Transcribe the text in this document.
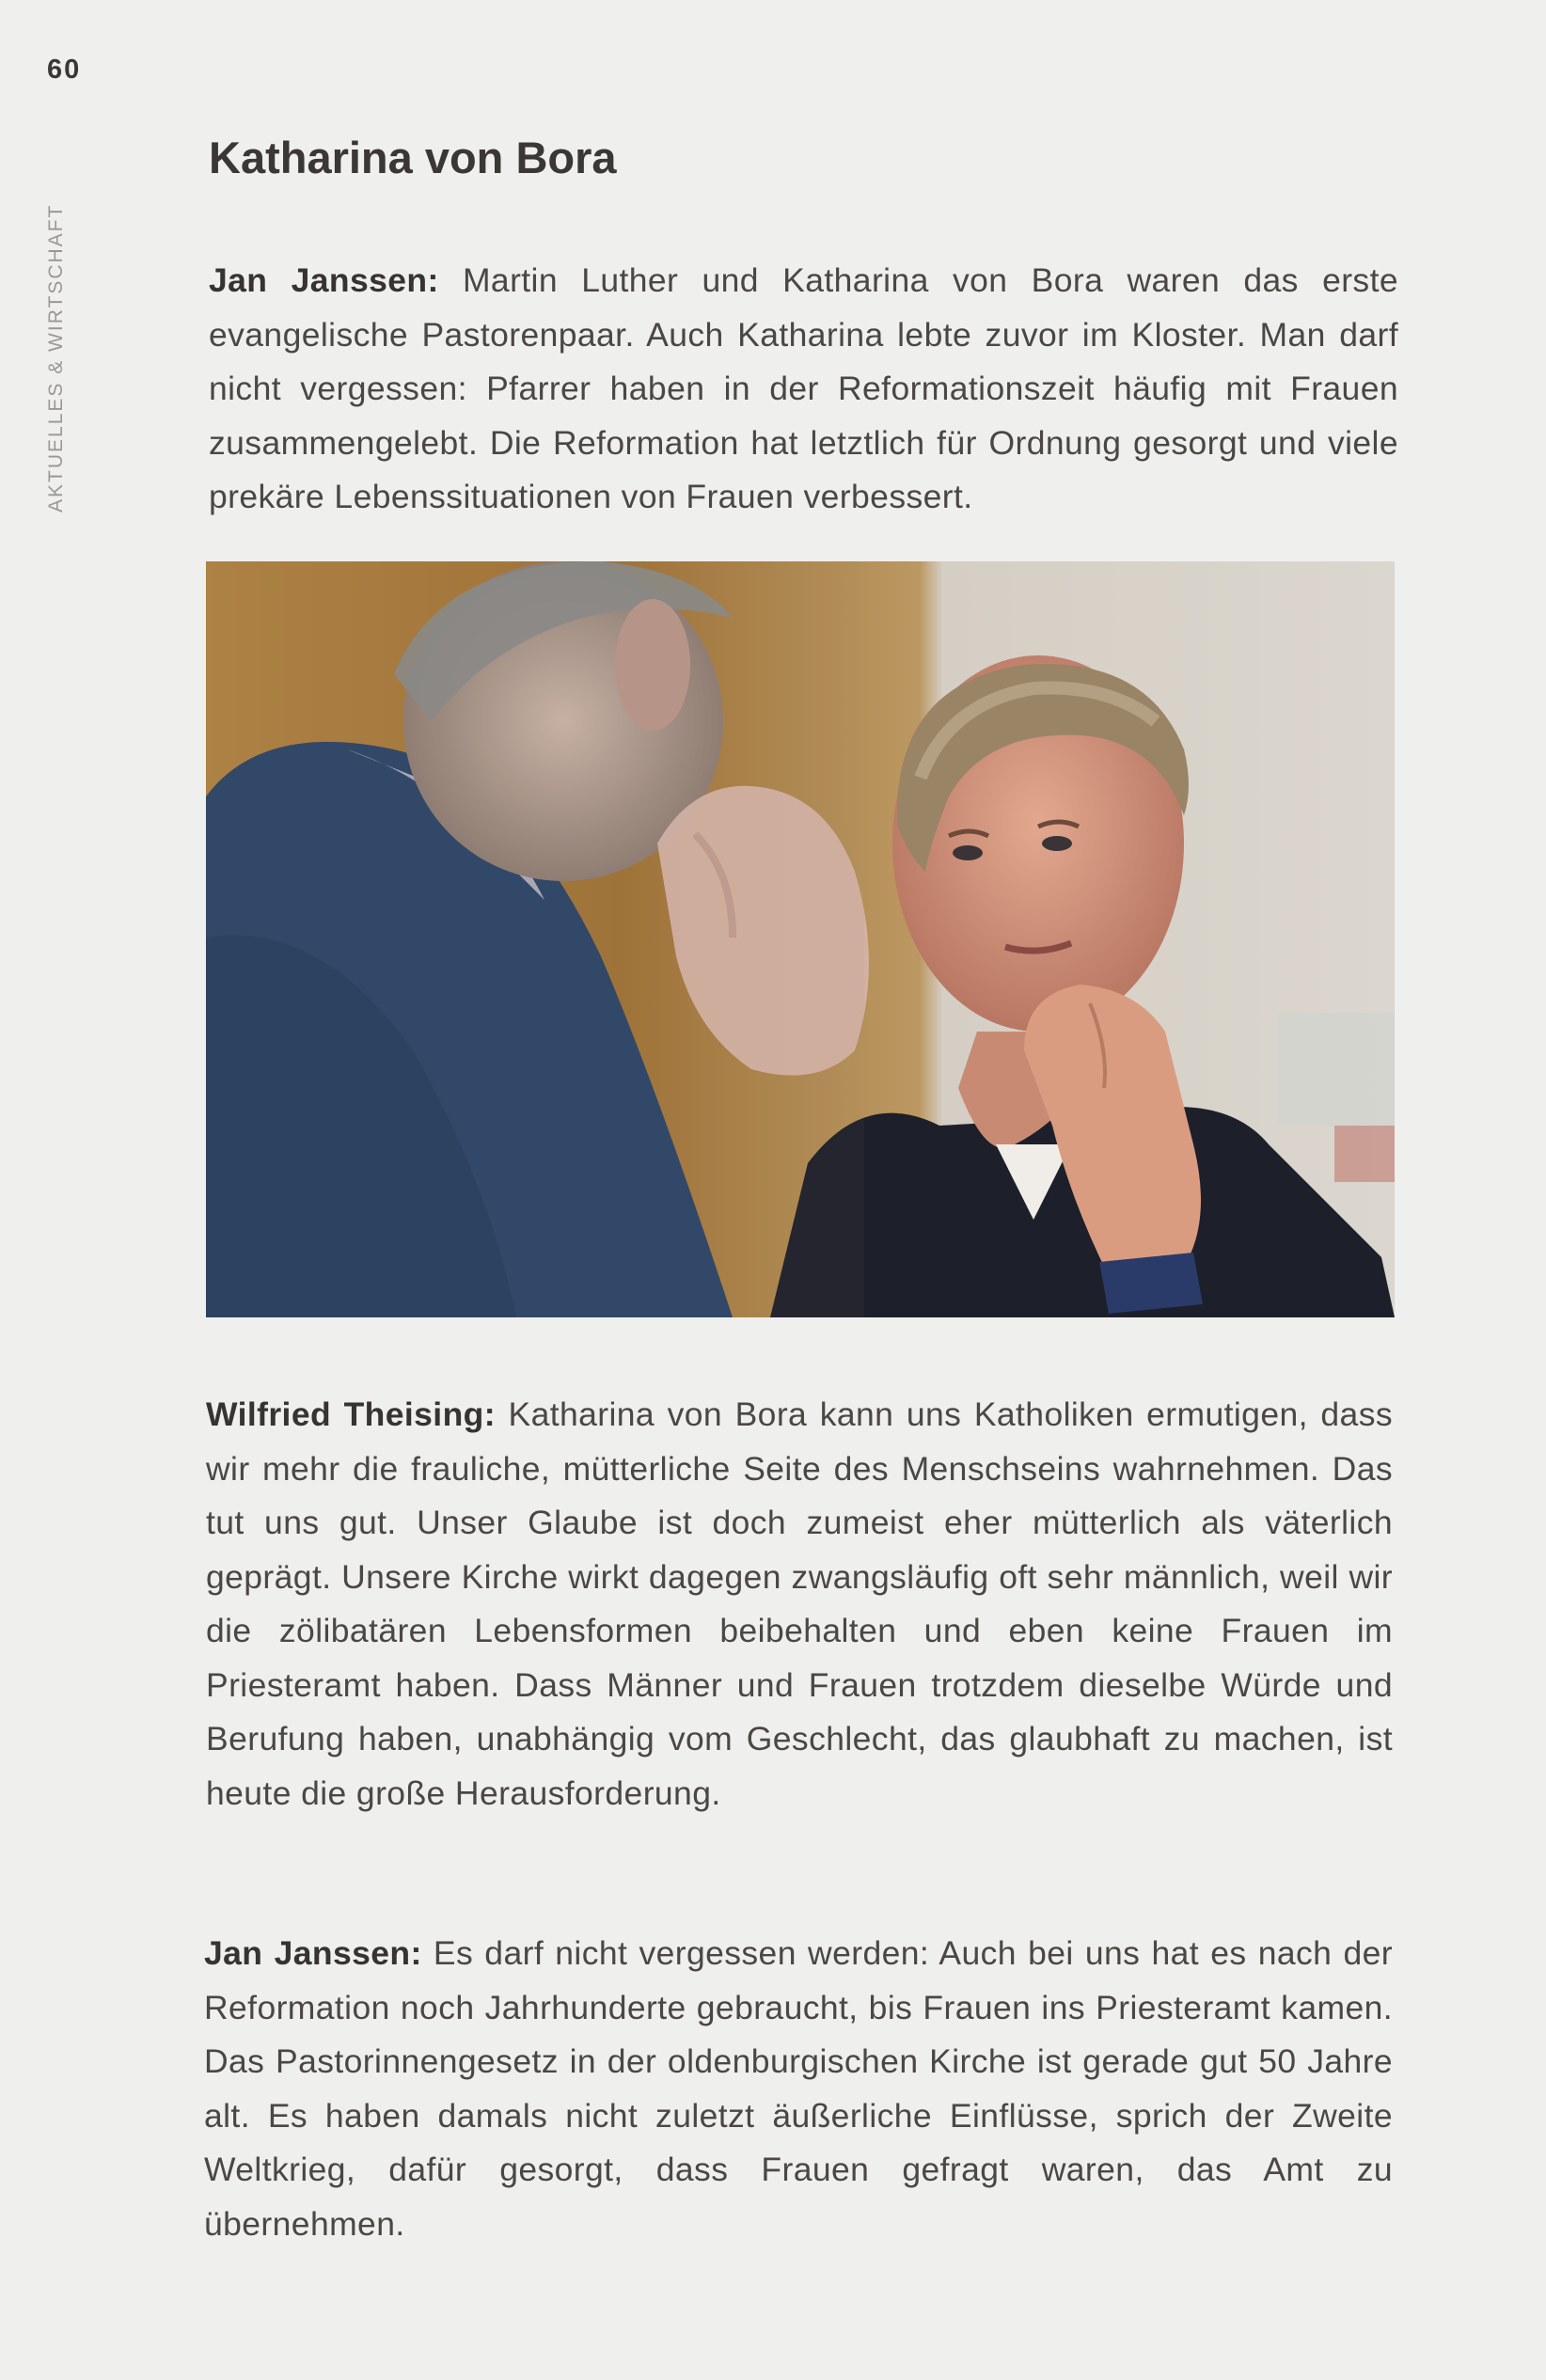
60
AKTUELLES & WIRTSCHAFT
Katharina von Bora

Jan Janssen: Martin Luther und Katharina von Bora waren das erste evangelische Pastorenpaar. Auch Katharina lebte zuvor im Kloster. Man darf nicht vergessen: Pfarrer haben in der Reformationszeit häufig mit Frauen zusammengelebt. Die Reformation hat letztlich für Ordnung gesorgt und viele prekäre Lebenssituationen von Frauen verbessert.

Wilfried Theising: Katharina von Bora kann uns Katholiken ermutigen, dass wir mehr die frauliche, mütterliche Seite des Menschseins wahrnehmen. Das tut uns gut. Unser Glaube ist doch zumeist eher mütterlich als väterlich geprägt. Unsere Kirche wirkt dagegen zwangsläufig oft sehr männlich, weil wir die zölibatären Lebensformen beibehalten und eben keine Frauen im Priesteramt haben. Dass Männer und Frauen trotzdem dieselbe Würde und Berufung haben, unabhängig vom Geschlecht, das glaubhaft zu machen, ist heute die große Herausforderung.

Jan Janssen: Es darf nicht vergessen werden: Auch bei uns hat es nach der Reformation noch Jahrhunderte gebraucht, bis Frauen ins Priesteramt kamen. Das Pastorinnengesetz in der oldenburgischen Kirche ist gerade gut 50 Jahre alt. Es haben damals nicht zuletzt äußerliche Einflüsse, sprich der Zweite Weltkrieg, dafür gesorgt, dass Frauen gefragt waren, das Amt zu übernehmen.
